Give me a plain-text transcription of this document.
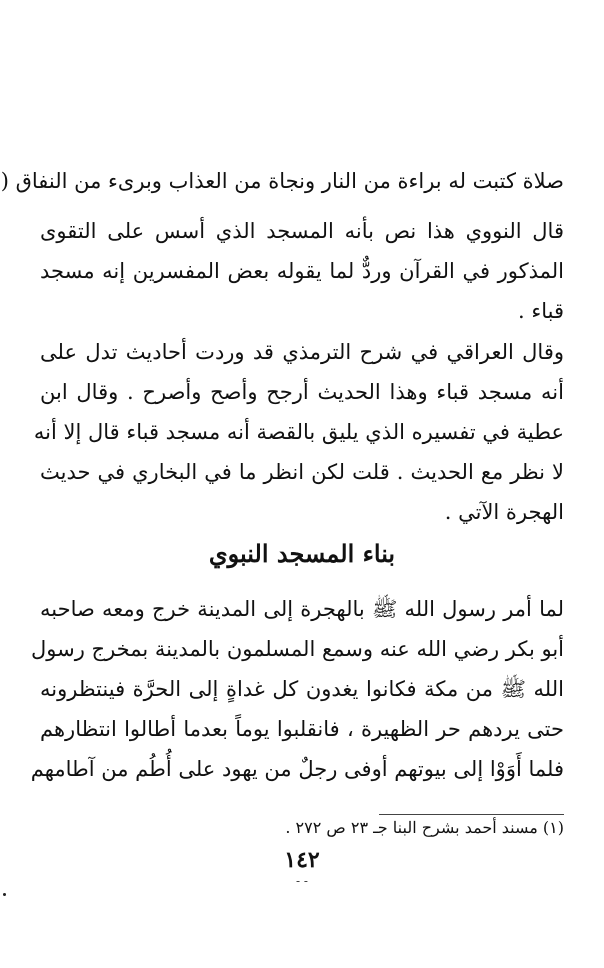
صلاة كتبت له براءة من النار ونجاة من العذاب وبرىء من النفاق (
قال النووي هذا نص بأنه المسجد الذي أسس على التقوى
المذكور في القرآن وردٌّ لما يقوله بعض المفسرين إنه مسجد
قباء .
وقال العراقي في شرح الترمذي قد وردت أحاديث تدل على
أنه مسجد قباء وهذا الحديث أرجح وأصح وأصرح . وقال ابن
عطية في تفسيره الذي يليق بالقصة أنه مسجد قباء قال إلا أنه
لا نظر مع الحديث . قلت لكن انظر ما في البخاري في حديث
الهجرة الآتي .
بناء المسجد النبوي
لما أمر رسول الله ﷺ بالهجرة إلى المدينة خرج ومعه صاحبه
أبو بكر رضي الله عنه وسمع المسلمون بالمدينة بمخرج رسول
الله ﷺ من مكة فكانوا يغدون كل غداةٍ إلى الحرَّة فينتظرونه
حتى يردهم حر الظهيرة ، فانقلبوا يوماً بعدما أطالوا انتظارهم
فلما أَوَوْا إلى بيوتهم أوفى رجلٌ من يهود على أُطُم من آطامهم
(١) مسند أحمد بشرح البنا جـ ٢٣ ص ٢٧٢ .
١٤٢
- -
